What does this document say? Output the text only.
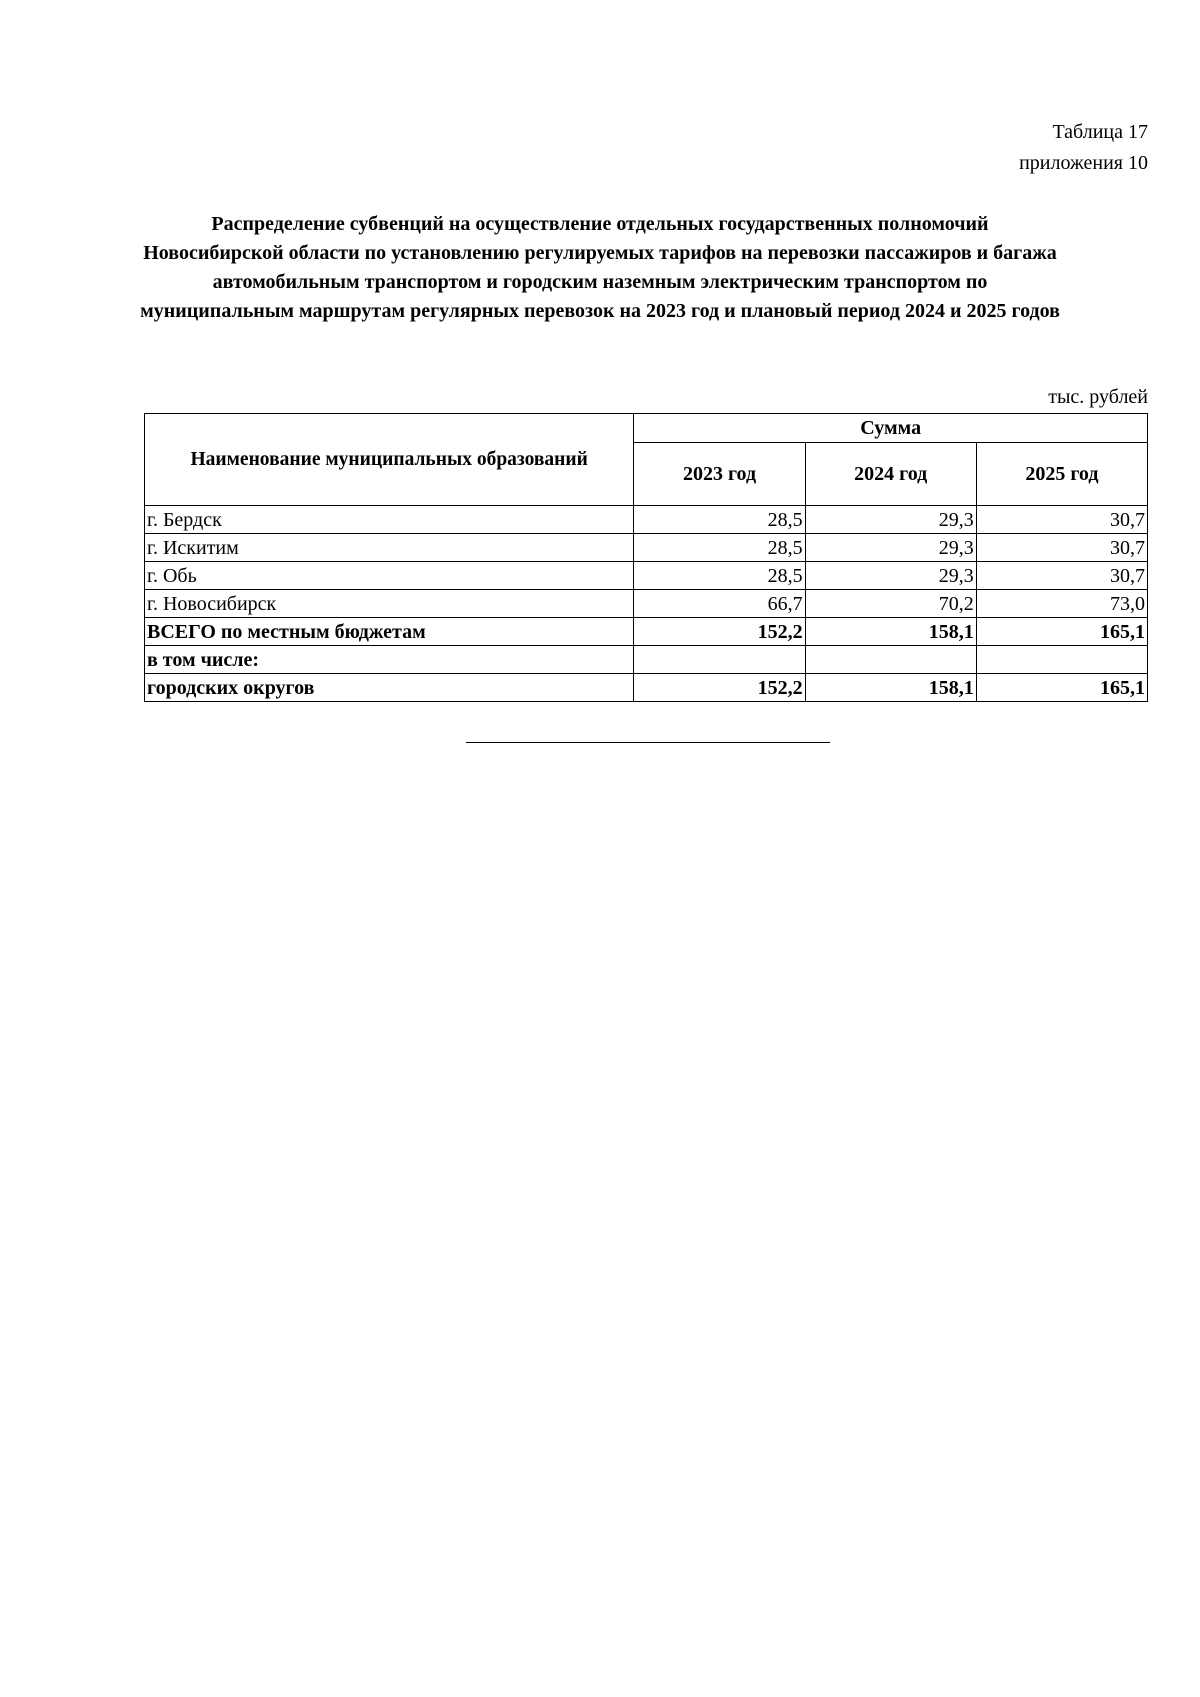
Таблица 17
приложения 10
Распределение субвенций на осуществление отдельных государственных полномочий Новосибирской области по установлению регулируемых тарифов на перевозки пассажиров и багажа автомобильным транспортом и городским наземным электрическим транспортом по муниципальным маршрутам регулярных перевозок на 2023 год и плановый период 2024 и 2025 годов
тыс. рублей
Наименование муниципальных образований	Сумма		
	2023 год	2024 год	2025 год
г. Бердск	28,5	29,3	30,7
г. Искитим	28,5	29,3	30,7
г. Обь	28,5	29,3	30,7
г. Новосибирск	66,7	70,2	73,0
ВСЕГО по местным бюджетам	152,2	158,1	165,1
в том числе:			
городских округов	152,2	158,1	165,1
